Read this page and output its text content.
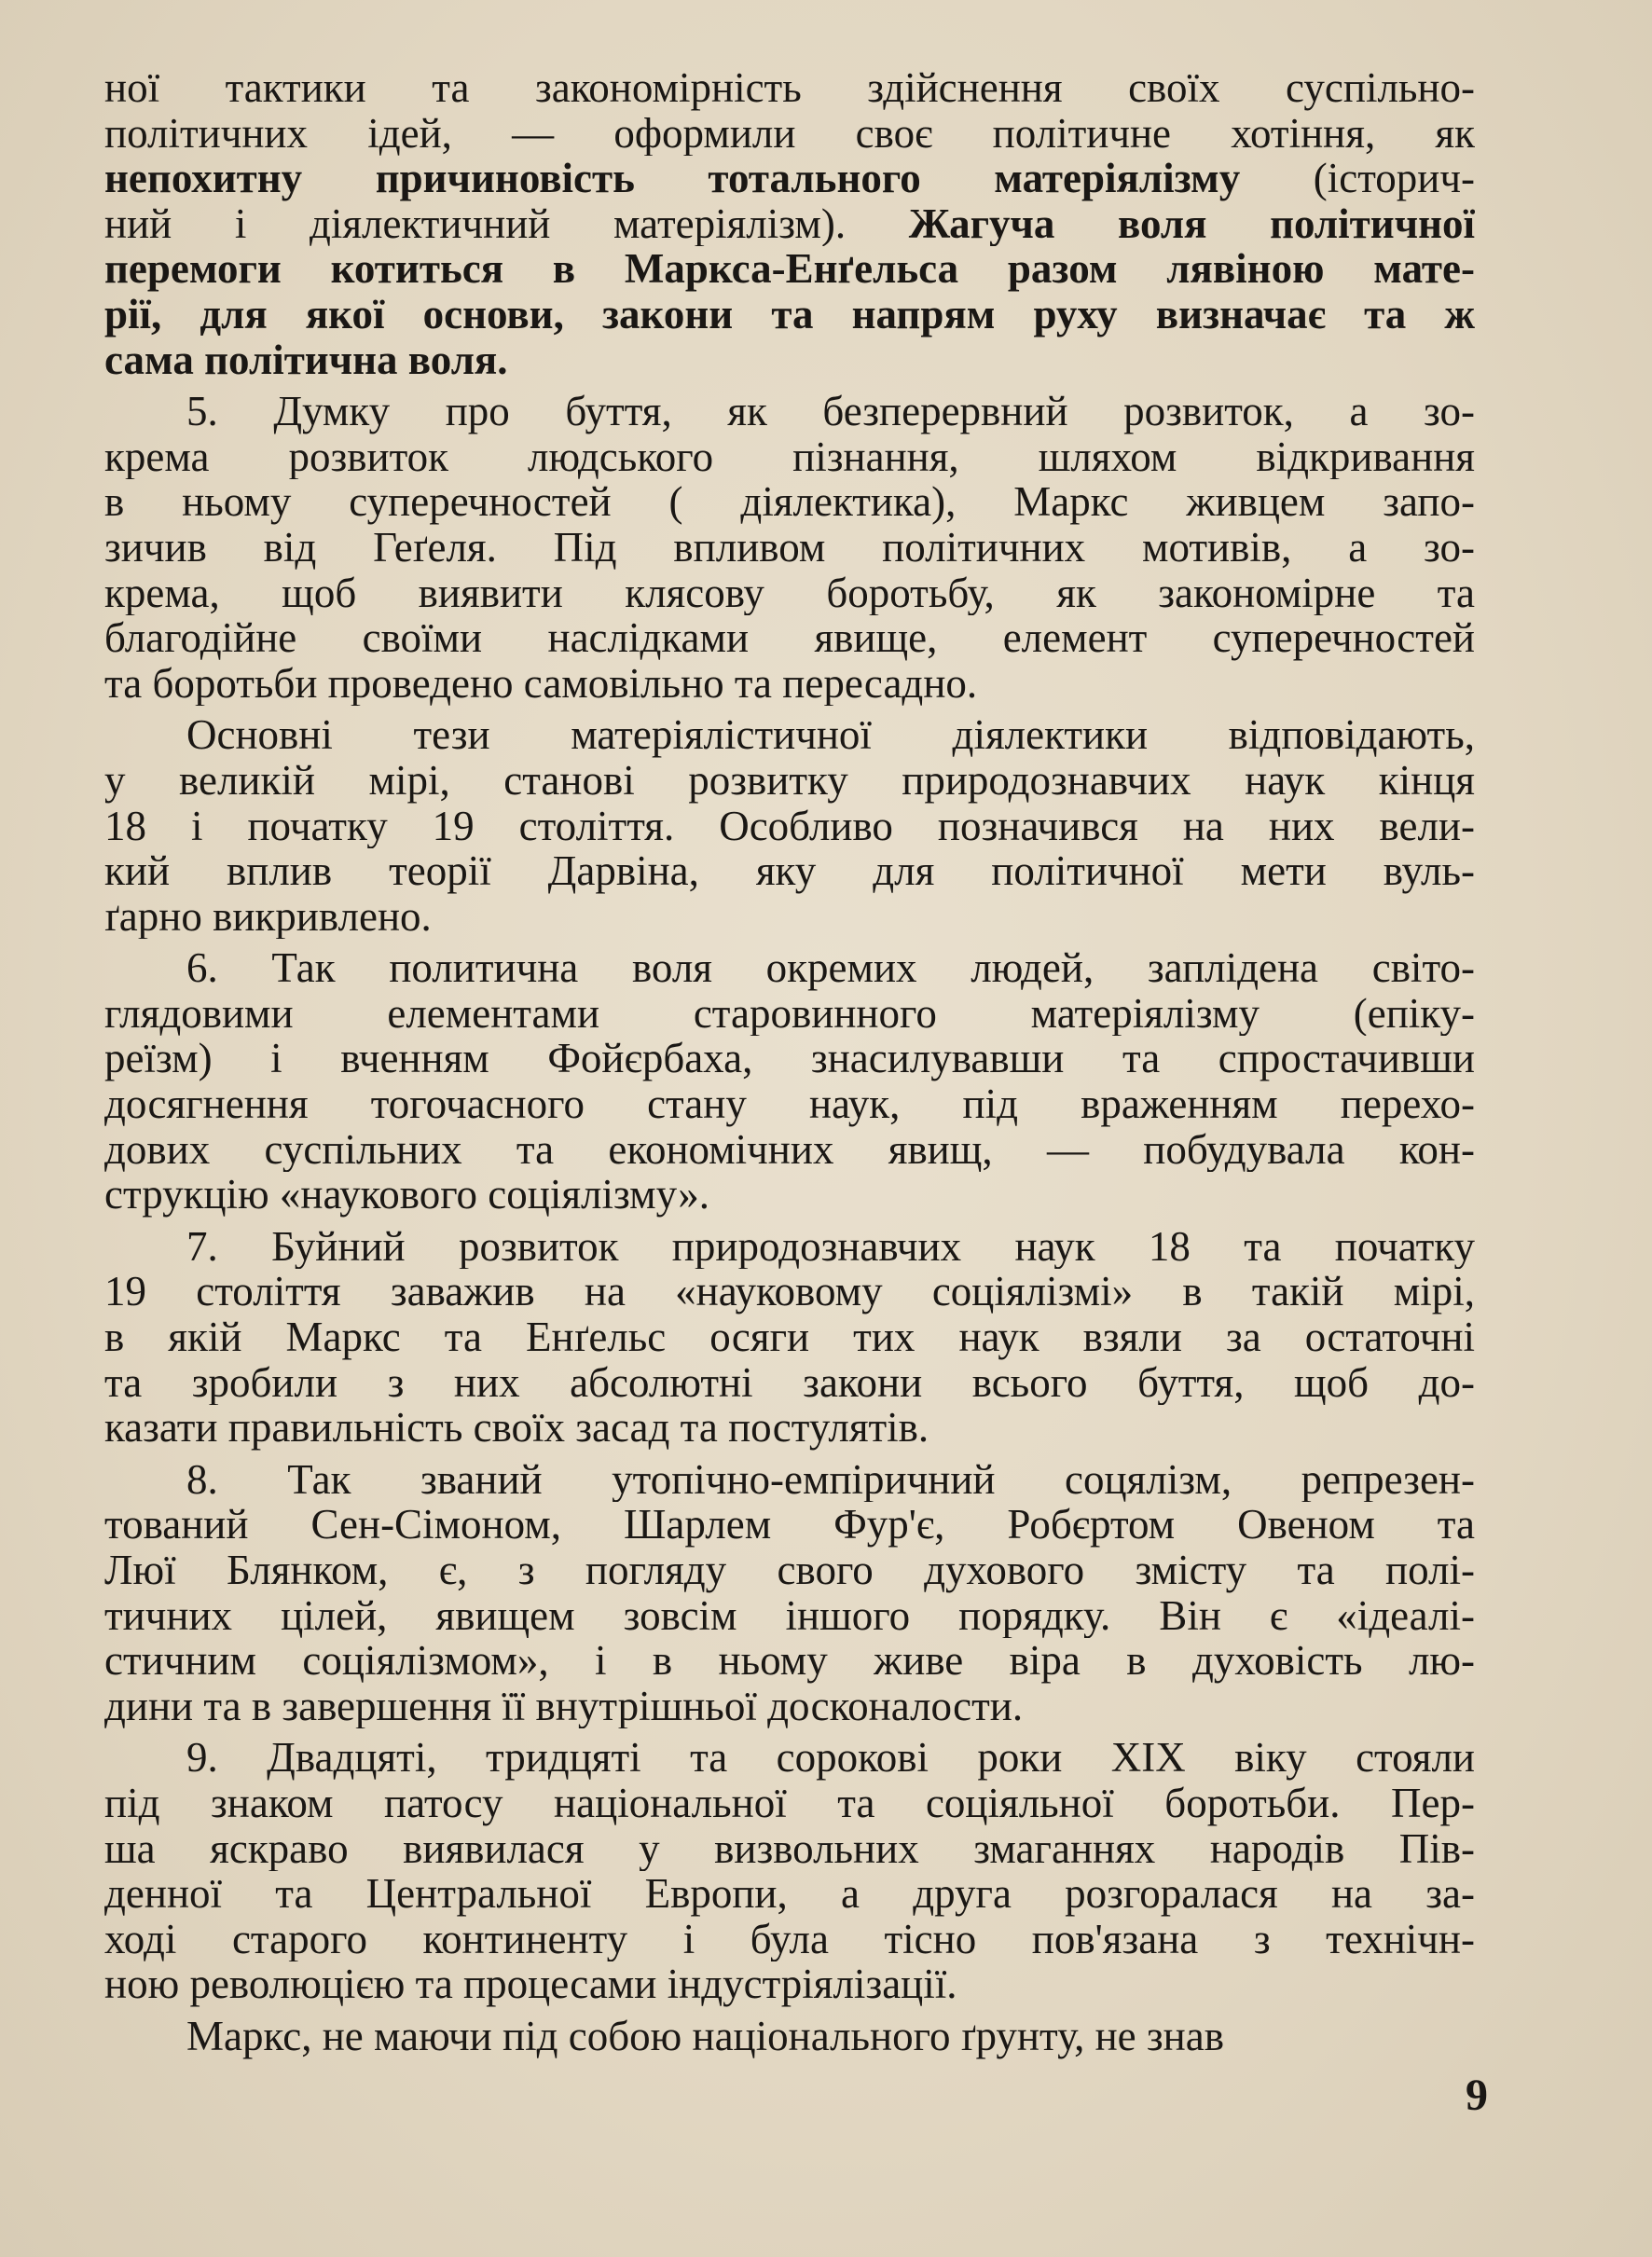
ної тактики та закономірність здійснення своїх суспільно-
політичних ідей, — оформили своє політичне хотіння, як
непохитну причиновість тотального матеріялізму (історич-
ний і діялектичний матеріялізм). Жагуча воля політичної
перемоги котиться в Маркса-Енґельса разом лявіною мате-
рії, для якої основи, закони та напрям руху визначає та ж
сама політична воля.

5. Думку про буття, як безперервний розвиток, а зо-
крема розвиток людського пізнання, шляхом відкривання
в ньому суперечностей ( діялектика), Маркс живцем запо-
зичив від Геґеля. Під впливом політичних мотивів, а зо-
крема, щоб виявити клясову боротьбу, як закономірне та
благодійне своїми наслідками явище, елемент суперечностей
та боротьби проведено самовільно та пересадно.

Основні тези матеріялістичної діялектики відповідають,
у великій мірі, станові розвитку природознавчих наук кінця
18 і початку 19 століття. Особливо позначився на них вели-
кий вплив теорії Дарвіна, яку для політичної мети вуль-
ґарно викривлено.

6. Так политична воля окремих людей, заплідена світо-
глядовими елементами старовинного матеріялізму (епіку-
реїзм) і вченням Фойєрбаха, знасилувавши та спростачивши
досягнення тогочасного стану наук, під враженням перехо-
дових суспільних та економічних явищ, — побудувала кон-
струкцію «наукового соціялізму».

7. Буйний розвиток природознавчих наук 18 та початку
19 століття заважив на «науковому соціялізмі» в такій мірі,
в якій Маркс та Енґельс осяги тих наук взяли за остаточні
та зробили з них абсолютні закони всього буття, щоб до-
казати правильність своїх засад та постулятів.

8. Так званий утопічно-емпіричний соцялізм, репрезен-
тований Сен-Сімоном, Шарлем Фур'є, Робєртом Овеном та
Люї Блянком, є, з погляду свого духового змісту та полі-
тичних цілей, явищем зовсім іншого порядку. Він є «ідеалі-
стичним соціялізмом», і в ньому живе віра в духовість лю-
дини та в завершення її внутрішньої досконалости.

9. Двадцяті, тридцяті та сорокові роки XIX віку стояли
під знаком патосу національної та соціяльної боротьби. Пер-
ша яскраво виявилася у визвольних змаганнях народів Пів-
денної та Центральної Европи, а друга розгоралася на за-
ході старого континенту і була тісно пов'язана з технічн-
ною революцією та процесами індустріялізації.

Маркс, не маючи під собою національного ґрунту, не знав

9
